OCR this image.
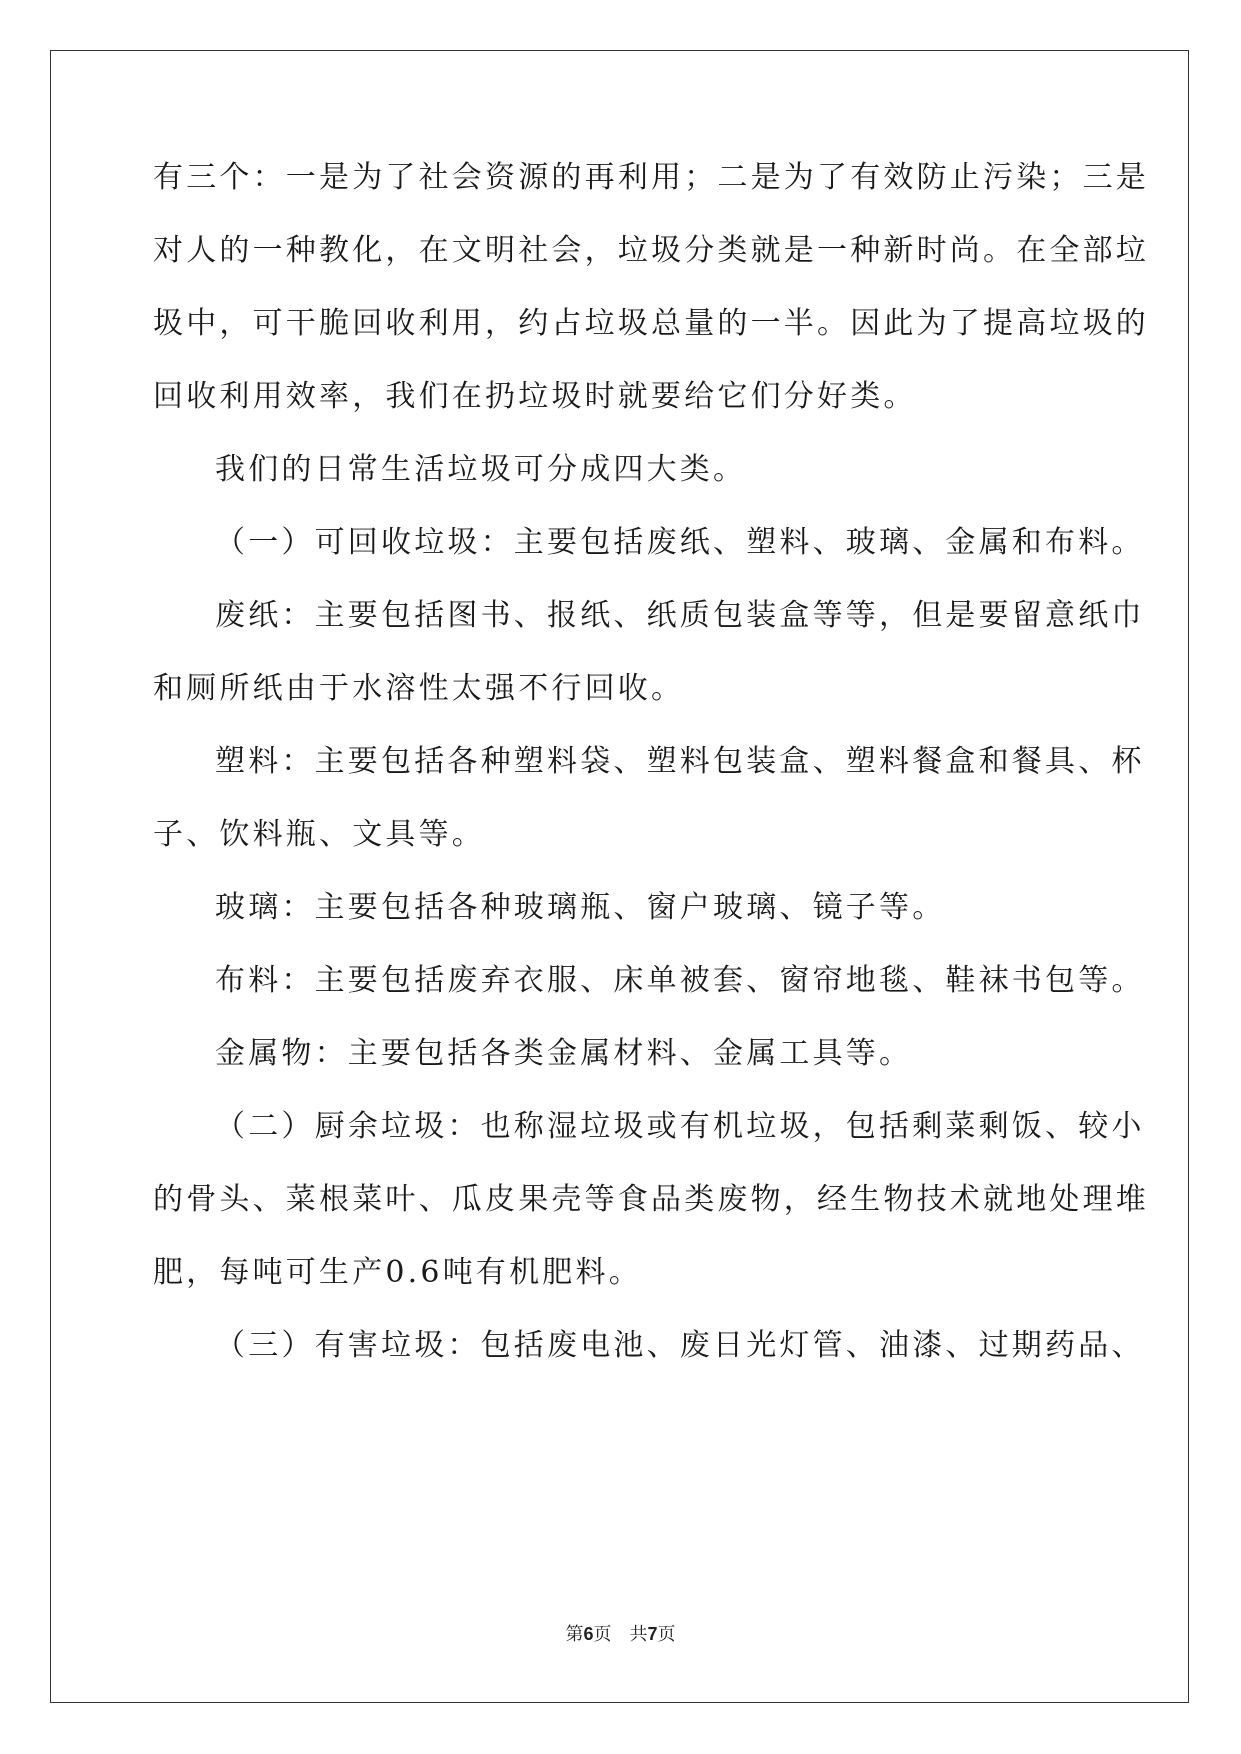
有三个：一是为了社会资源的再利用；二是为了有效防止污染；三是
对人的一种教化，在文明社会，垃圾分类就是一种新时尚。在全部垃
圾中，可干脆回收利用，约占垃圾总量的一半。因此为了提高垃圾的
回收利用效率，我们在扔垃圾时就要给它们分好类。
我们的日常生活垃圾可分成四大类。
（一）可回收垃圾：主要包括废纸、塑料、玻璃、金属和布料。
废纸：主要包括图书、报纸、纸质包装盒等等，但是要留意纸巾
和厕所纸由于水溶性太强不行回收。
塑料：主要包括各种塑料袋、塑料包装盒、塑料餐盒和餐具、杯
子、饮料瓶、文具等。
玻璃：主要包括各种玻璃瓶、窗户玻璃、镜子等。
布料：主要包括废弃衣服、床单被套、窗帘地毯、鞋袜书包等。
金属物：主要包括各类金属材料、金属工具等。
（二）厨余垃圾：也称湿垃圾或有机垃圾，包括剩菜剩饭、较小
的骨头、菜根菜叶、瓜皮果壳等食品类废物，经生物技术就地处理堆
肥，每吨可生产0.6吨有机肥料。
（三）有害垃圾：包括废电池、废日光灯管、油漆、过期药品、
第6页 共7页
